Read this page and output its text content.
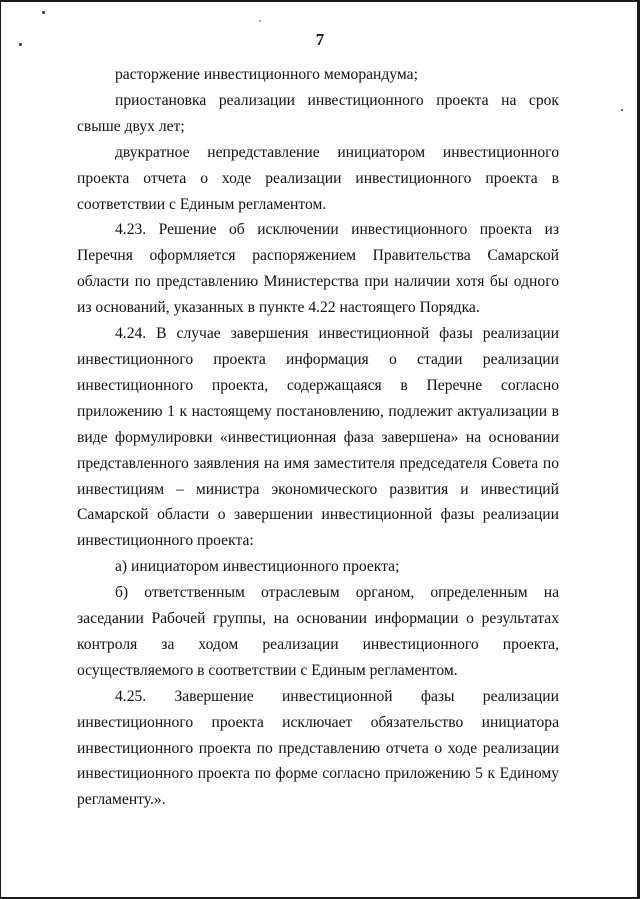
7

расторжение инвестиционного меморандума;

приостановка реализации инвестиционного проекта на срок свыше двух лет;

двукратное непредставление инициатором инвестиционного проекта отчета о ходе реализации инвестиционного проекта в соответствии с Единым регламентом.

4.23. Решение об исключении инвестиционного проекта из Перечня оформляется распоряжением Правительства Самарской области по представлению Министерства при наличии хотя бы одного из оснований, указанных в пункте 4.22 настоящего Порядка.

4.24. В случае завершения инвестиционной фазы реализации инвестиционного проекта информация о стадии реализации инвестиционного проекта, содержащаяся в Перечне согласно приложению 1 к настоящему постановлению, подлежит актуализации в виде формулировки «инвестиционная фаза завершена» на основании представленного заявления на имя заместителя председателя Совета по инвестициям – министра экономического развития и инвестиций Самарской области о завершении инвестиционной фазы реализации инвестиционного проекта:

а) инициатором инвестиционного проекта;

б) ответственным отраслевым органом, определенным на заседании Рабочей группы, на основании информации о результатах контроля за ходом реализации инвестиционного проекта, осуществляемого в соответствии с Единым регламентом.

4.25. Завершение инвестиционной фазы реализации инвестиционного проекта исключает обязательство инициатора инвестиционного проекта по представлению отчета о ходе реализации инвестиционного проекта по форме согласно приложению 5 к Единому регламенту.».
